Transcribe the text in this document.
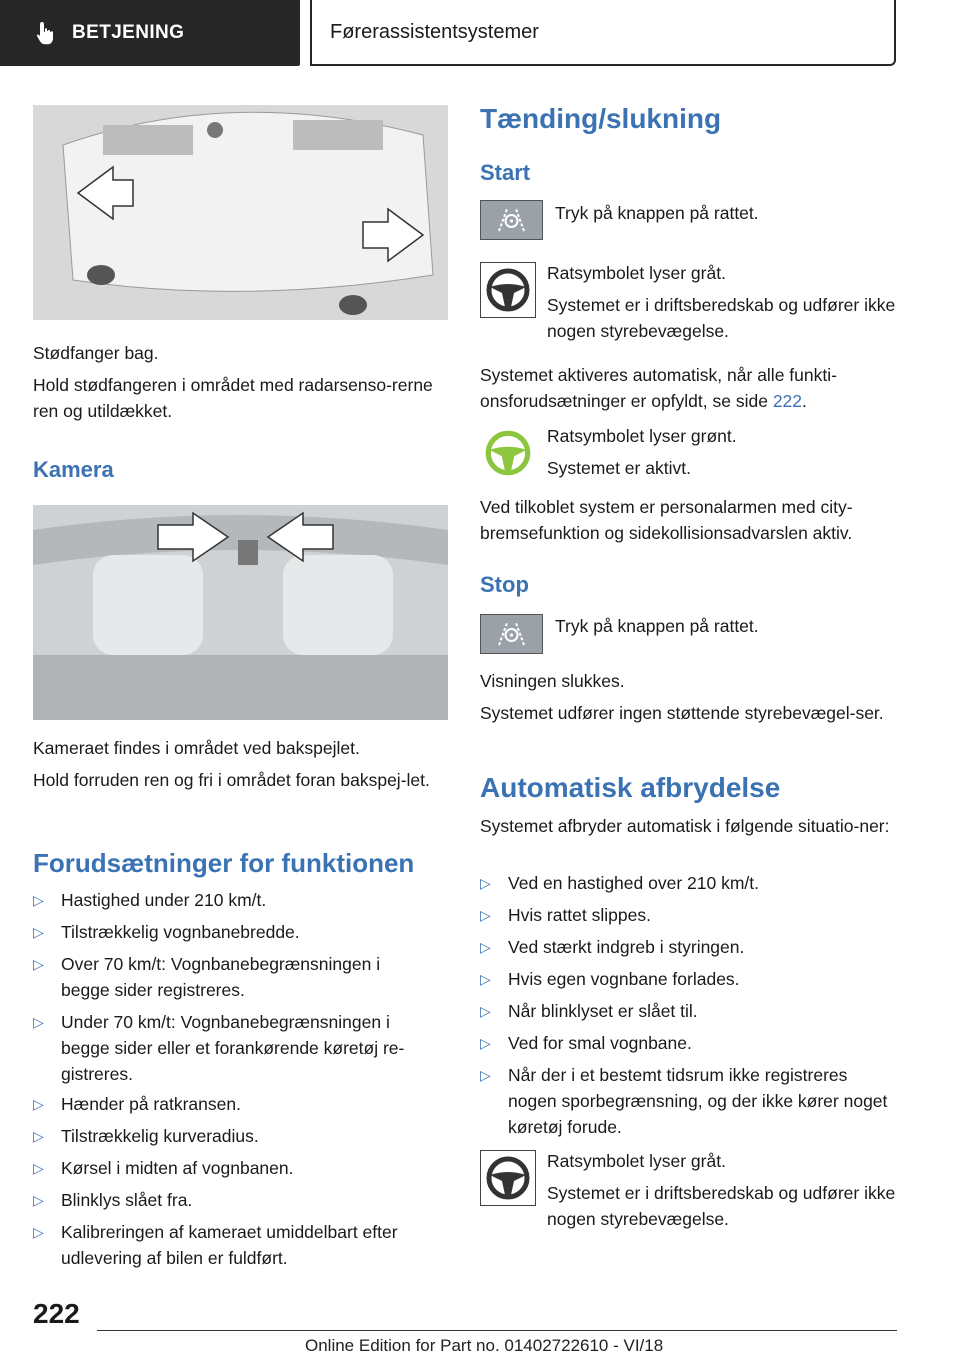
BETJENING	Førerassistentsystemer

Stødfanger bag.

Hold stødfangeren i området med radarsenso-rerne ren og utildækket.

Kamera

Kameraet findes i området ved bakspejlet.

Hold forruden ren og fri i området foran bakspej-let.

Forudsætninger for funktionen
▷ Hastighed under 210 km/t.
▷ Tilstrækkelig vognbanebredde.
▷ Over 70 km/t: Vognbanebegrænsningen i begge sider registreres.
▷ Under 70 km/t: Vognbanebegrænsningen i begge sider eller et forankørende køretøj re-gistreres.
▷ Hænder på ratkransen.
▷ Tilstrækkelig kurveradius.
▷ Kørsel i midten af vognbanen.
▷ Blinklys slået fra.
▷ Kalibreringen af kameraet umiddelbart efter udlevering af bilen er fuldført.
Tænding/slukning
Start

Tryk på knappen på rattet.

Ratsymbolet lyser gråt.

Systemet er i driftsberedskab og udfører ikke nogen styrebevægelse.

Systemet aktiveres automatisk, når alle funkti-onsforudsætninger er opfyldt, se side 222.

Ratsymbolet lyser grønt.

Systemet er aktivt.

Ved tilkoblet system er personalarmen med city-bremsefunktion og sidekollisionsadvarslen aktiv.

Stop

Tryk på knappen på rattet.

Visningen slukkes.

Systemet udfører ingen støttende styrebevægel-ser.

Automatisk afbrydelse

Systemet afbryder automatisk i følgende situatio-ner:

▷ Ved en hastighed over 210 km/t.
▷ Hvis rattet slippes.
▷ Ved stærkt indgreb i styringen.
▷ Hvis egen vognbane forlades.
▷ Når blinklyset er slået til.
▷ Ved for smal vognbane.
▷ Når der i et bestemt tidsrum ikke registreres nogen sporbegrænsning, og der ikke kører noget køretøj forude.

Ratsymbolet lyser gråt.

Systemet er i driftsberedskab og udfører ikke nogen styrebevægelse.

222
Online Edition for Part no. 01402722610 - VI/18
